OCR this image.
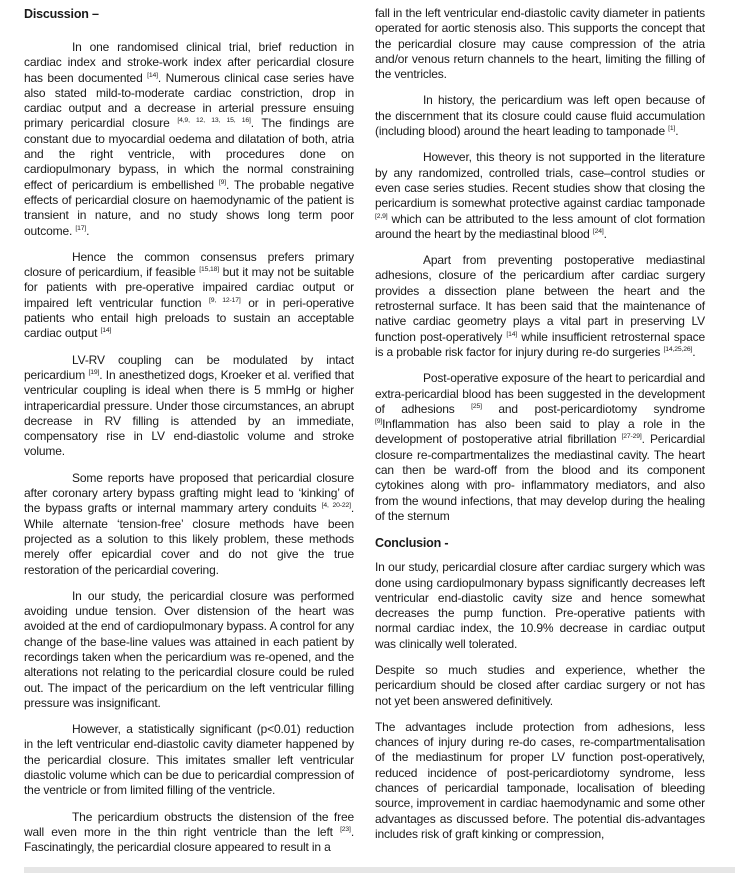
Discussion –

In one randomised clinical trial, brief reduction in cardiac index and stroke-work index after pericardial closure has been documented [14]. Numerous clinical case series have also stated mild-to-moderate cardiac constriction, drop in cardiac output and a decrease in arterial pressure ensuing primary pericardial closure [4,9, 12, 13, 15, 16]. The findings are constant due to myocardial oedema and dilatation of both, atria and the right ventricle, with procedures done on cardiopulmonary bypass, in which the normal constraining effect of pericardium is embellished [9]. The probable negative effects of pericardial closure on haemodynamic of the patient is transient in nature, and no study shows long term poor outcome. [17].

Hence the common consensus prefers primary closure of pericardium, if feasible [15,18] but it may not be suitable for patients with pre-operative impaired cardiac output or impaired left ventricular function [9, 12-17] or in peri-operative patients who entail high preloads to sustain an acceptable cardiac output [14]

LV-RV coupling can be modulated by intact pericardium [19]. In anesthetized dogs, Kroeker et al. verified that ventricular coupling is ideal when there is 5 mmHg or higher intrapericardial pressure. Under those circumstances, an abrupt decrease in RV filling is attended by an immediate, compensatory rise in LV end-diastolic volume and stroke volume.

Some reports have proposed that pericardial closure after coronary artery bypass grafting might lead to ‘kinking’ of the bypass grafts or internal mammary artery conduits [4, 20-22]. While alternate ‘tension-free’ closure methods have been projected as a solution to this likely problem, these methods merely offer epicardial cover and do not give the true restoration of the pericardial covering.

In our study, the pericardial closure was performed avoiding undue tension. Over distension of the heart was avoided at the end of cardiopulmonary bypass. A control for any change of the base-line values was attained in each patient by recordings taken when the pericardium was re-opened, and the alterations not relating to the pericardial closure could be ruled out. The impact of the pericardium on the left ventricular filling pressure was insignificant.

However, a statistically significant (p<0.01) reduction in the left ventricular end-diastolic cavity diameter happened by the pericardial closure. This imitates smaller left ventricular diastolic volume which can be due to pericardial compression of the ventricle or from limited filling of the ventricle.

The pericardium obstructs the distension of the free wall even more in the thin right ventricle than the left [23]. Fascinatingly, the pericardial closure appeared to result in a

fall in the left ventricular end-diastolic cavity diameter in patients operated for aortic stenosis also. This supports the concept that the pericardial closure may cause compression of the atria and/or venous return channels to the heart, limiting the filling of the ventricles.

In history, the pericardium was left open because of the discernment that its closure could cause fluid accumulation (including blood) around the heart leading to tamponade [1].

However, this theory is not supported in the literature by any randomized, controlled trials, case–control studies or even case series studies. Recent studies show that closing the pericardium is somewhat protective against cardiac tamponade [2,9] which can be attributed to the less amount of clot formation around the heart by the mediastinal blood [24].

Apart from preventing postoperative mediastinal adhesions, closure of the pericardium after cardiac surgery provides a dissection plane between the heart and the retrosternal surface. It has been said that the maintenance of native cardiac geometry plays a vital part in preserving LV function post-operatively [14] while insufficient retrosternal space is a probable risk factor for injury during re-do surgeries [14,25,26].

Post-operative exposure of the heart to pericardial and extra-pericardial blood has been suggested in the development of adhesions [25] and post-pericardiotomy syndrome [9]Inflammation has also been said to play a role in the development of postoperative atrial fibrillation [27-29]. Pericardial closure re-compartmentalizes the mediastinal cavity. The heart can then be ward-off from the blood and its component cytokines along with pro- inflammatory mediators, and also from the wound infections, that may develop during the healing of the sternum

Conclusion -

In our study, pericardial closure after cardiac surgery which was done using cardiopulmonary bypass significantly decreases left ventricular end-diastolic cavity size and hence somewhat decreases the pump function. Pre-operative patients with normal cardiac index, the 10.9% decrease in cardiac output was clinically well tolerated.

Despite so much studies and experience, whether the pericardium should be closed after cardiac surgery or not has not yet been answered definitively.

The advantages include protection from adhesions, less chances of injury during re-do cases, re-compartmentalisation of the mediastinum for proper LV function post-operatively, reduced incidence of post-pericardiotomy syndrome, less chances of pericardial tamponade, localisation of bleeding source, improvement in cardiac haemodynamic and some other advantages as discussed before. The potential dis-advantages includes risk of graft kinking or compression,
